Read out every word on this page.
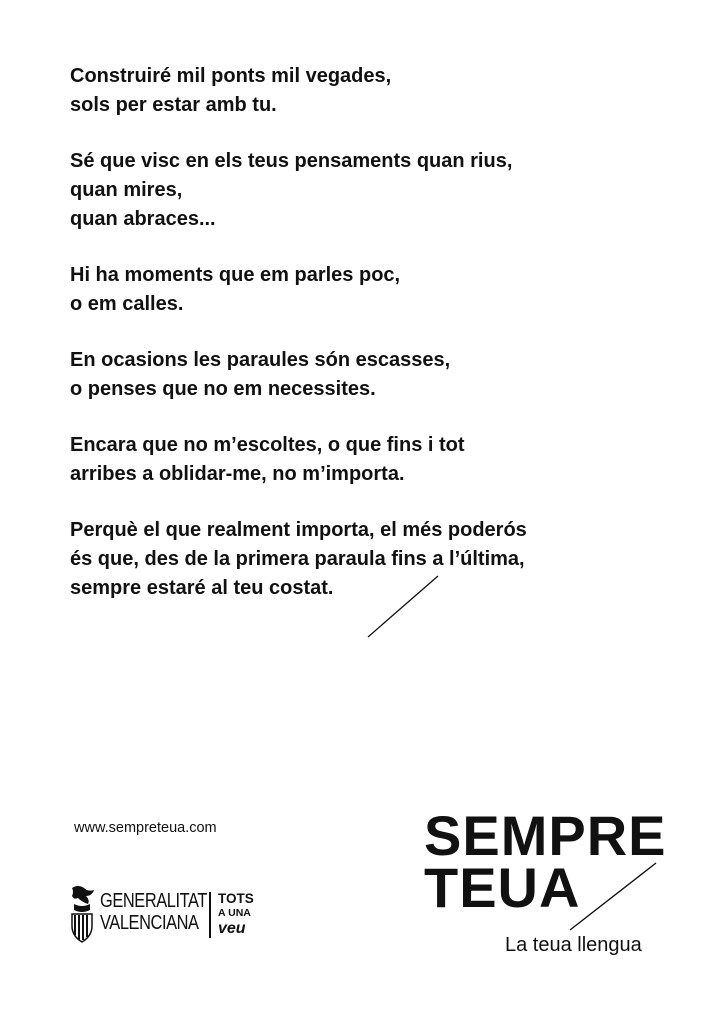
Construiré mil ponts mil vegades,
sols per estar amb tu.
Sé que visc en els teus pensaments quan rius,
quan mires,
quan abraces...
Hi ha moments que em parles poc,
o em calles.
En ocasions les paraules són escasses,
o penses que no em necessites.
Encara que no m’escoltes, o que fins i tot
arribes a oblidar-me, no m’importa.
Perquè el que realment importa, el més poderós
és que, des de la primera paraula fins a l’última,
sempre estaré al teu costat.
www.sempreteua.com
GENERALITAT
VALENCIANA
TOTS
A UNA
veu
SEMPRE
TEUA
La teua llengua
